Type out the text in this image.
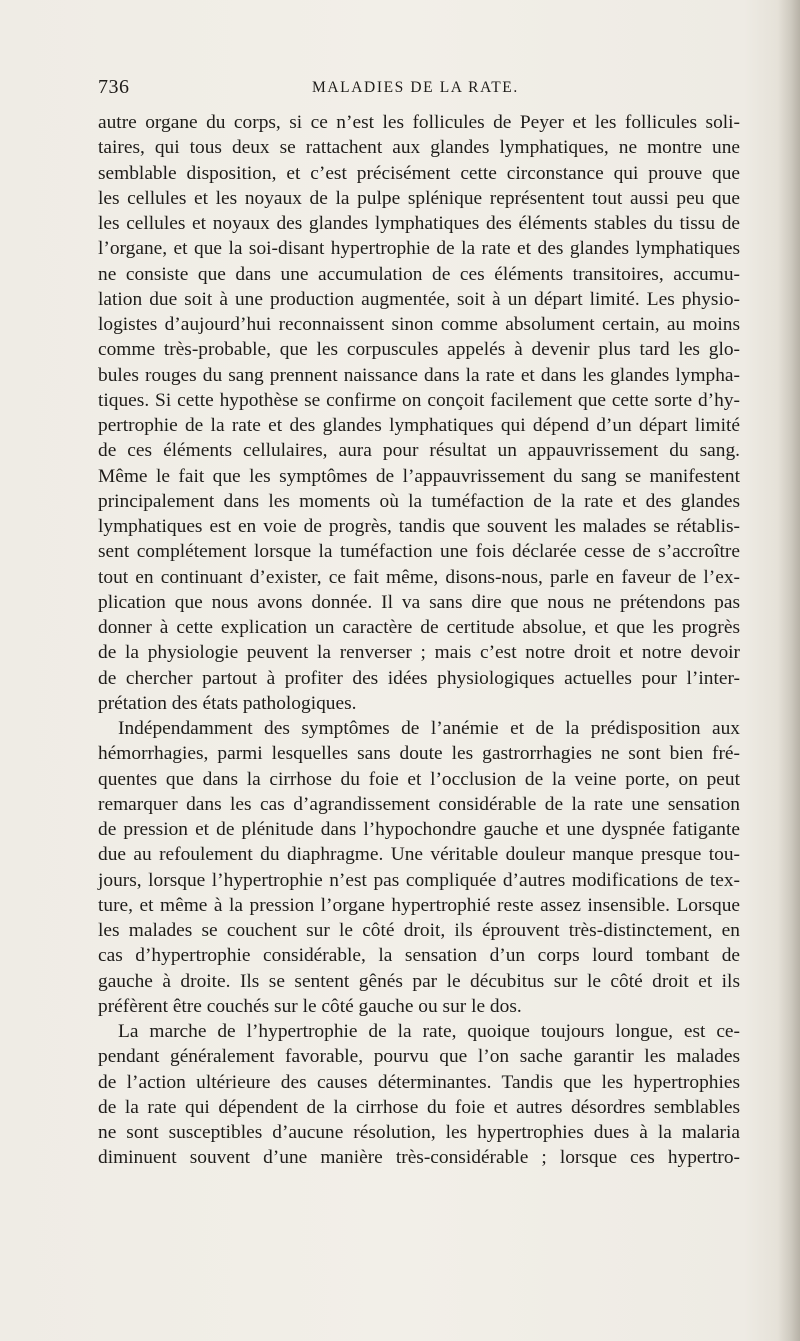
736	MALADIES DE LA RATE.
autre organe du corps, si ce n’est les follicules de Peyer et les follicules soli-
taires, qui tous deux se rattachent aux glandes lymphatiques, ne montre une
semblable disposition, et c’est précisément cette circonstance qui prouve que
les cellules et les noyaux de la pulpe splénique représentent tout aussi peu que
les cellules et noyaux des glandes lymphatiques des éléments stables du tissu de
l’organe, et que la soi-disant hypertrophie de la rate et des glandes lymphatiques
ne consiste que dans une accumulation de ces éléments transitoires, accumu-
lation due soit à une production augmentée, soit à un départ limité. Les physio-
logistes d’aujourd’hui reconnaissent sinon comme absolument certain, au moins
comme très-probable, que les corpuscules appelés à devenir plus tard les glo-
bules rouges du sang prennent naissance dans la rate et dans les glandes lympha-
tiques. Si cette hypothèse se confirme on conçoit facilement que cette sorte d’hy-
pertrophie de la rate et des glandes lymphatiques qui dépend d’un départ limité
de ces éléments cellulaires, aura pour résultat un appauvrissement du sang.
Même le fait que les symptômes de l’appauvrissement du sang se manifestent
principalement dans les moments où la tuméfaction de la rate et des glandes
lymphatiques est en voie de progrès, tandis que souvent les malades se rétablis-
sent complétement lorsque la tuméfaction une fois déclarée cesse de s’accroître
tout en continuant d’exister, ce fait même, disons-nous, parle en faveur de l’ex-
plication que nous avons donnée. Il va sans dire que nous ne prétendons pas
donner à cette explication un caractère de certitude absolue, et que les progrès
de la physiologie peuvent la renverser ; mais c’est notre droit et notre devoir
de chercher partout à profiter des idées physiologiques actuelles pour l’inter-
prétation des états pathologiques.
Indépendamment des symptômes de l’anémie et de la prédisposition aux
hémorrhagies, parmi lesquelles sans doute les gastrorrhagies ne sont bien fré-
quentes que dans la cirrhose du foie et l’occlusion de la veine porte, on peut
remarquer dans les cas d’agrandissement considérable de la rate une sensation
de pression et de plénitude dans l’hypochondre gauche et une dyspnée fatigante
due au refoulement du diaphragme. Une véritable douleur manque presque tou-
jours, lorsque l’hypertrophie n’est pas compliquée d’autres modifications de tex-
ture, et même à la pression l’organe hypertrophié reste assez insensible. Lorsque
les malades se couchent sur le côté droit, ils éprouvent très-distinctement, en
cas d’hypertrophie considérable, la sensation d’un corps lourd tombant de
gauche à droite. Ils se sentent gênés par le décubitus sur le côté droit et ils
préfèrent être couchés sur le côté gauche ou sur le dos.
La marche de l’hypertrophie de la rate, quoique toujours longue, est ce-
pendant généralement favorable, pourvu que l’on sache garantir les malades
de l’action ultérieure des causes déterminantes. Tandis que les hypertrophies
de la rate qui dépendent de la cirrhose du foie et autres désordres semblables
ne sont susceptibles d’aucune résolution, les hypertrophies dues à la malaria
diminuent souvent d’une manière très-considérable ; lorsque ces hypertro-
